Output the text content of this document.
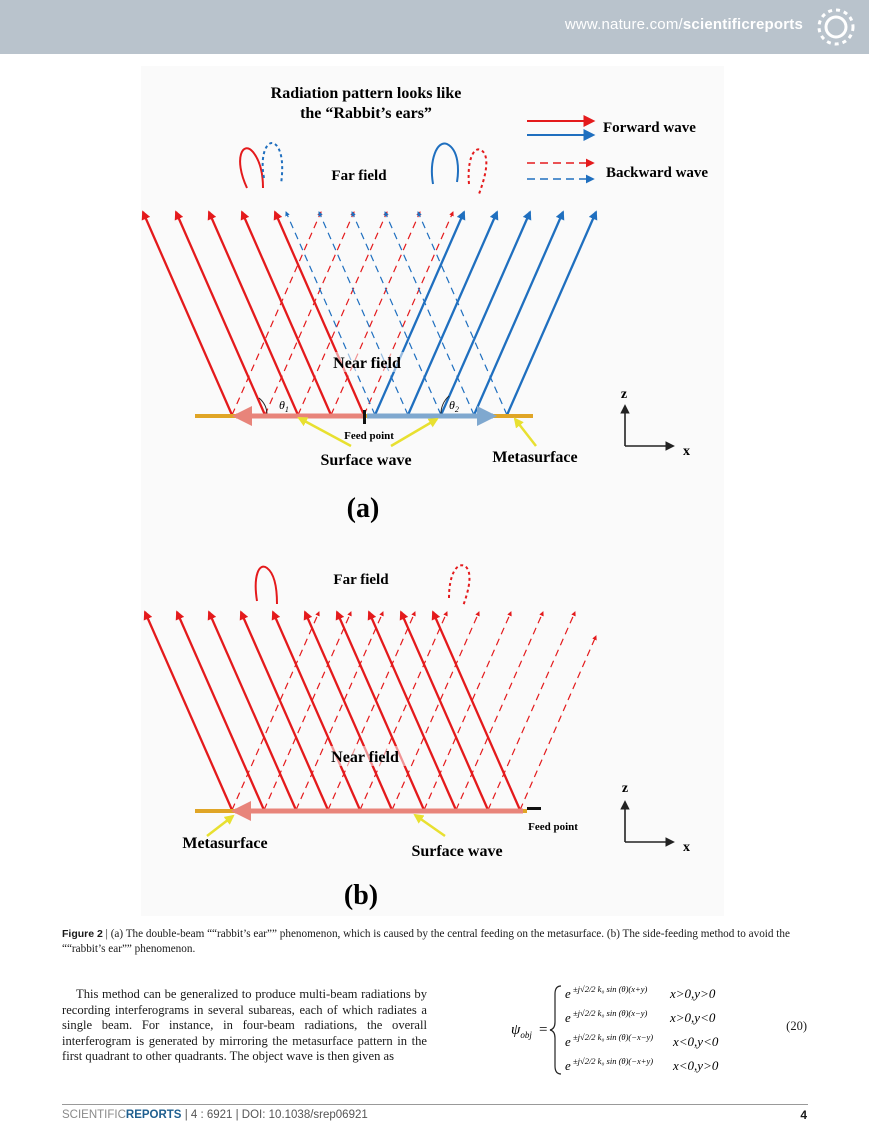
www.nature.com/scientificreports
Radiation pattern looks like
the “Rabbit’s ears”
Far field
Forward wave
Backward wave
Near field
$\theta_1$	$\theta_2$
Feed point
Surface wave	Metasurface
z
x
(a)
Far field
Near field
Feed point
Metasurface	Surface wave
z
x
(b)
Figure 2 | (a) The double-beam ““rabbit’s ear”” phenomenon, which is caused by the central feeding on the metasurface. (b) The side-feeding method to avoid the ““rabbit’s ear”” phenomenon.

This method can be generalized to produce multi-beam radiations by recording interferograms in several subareas, each of which radiates a single beam. For instance, in four-beam radiations, the overall interferogram is generated by mirroring the metasurface pattern in the first quadrant to other quadrants. The object wave is then given as

$\psi_{obj}$ =
e ±j√2/2 k₀ sin (θ)(x+y) x>0,y>0
e ±j√2/2 k₀ sin (θ)(x−y) x>0,y<0
e ±j√2/2 k₀ sin (θ)(−x−y) x<0,y<0
e ±j√2/2 k₀ sin (θ)(−x+y) x<0,y>0
(20)
SCIENTIFICREPORTS | 4 : 6921 | DOI: 10.1038/srep06921	4
